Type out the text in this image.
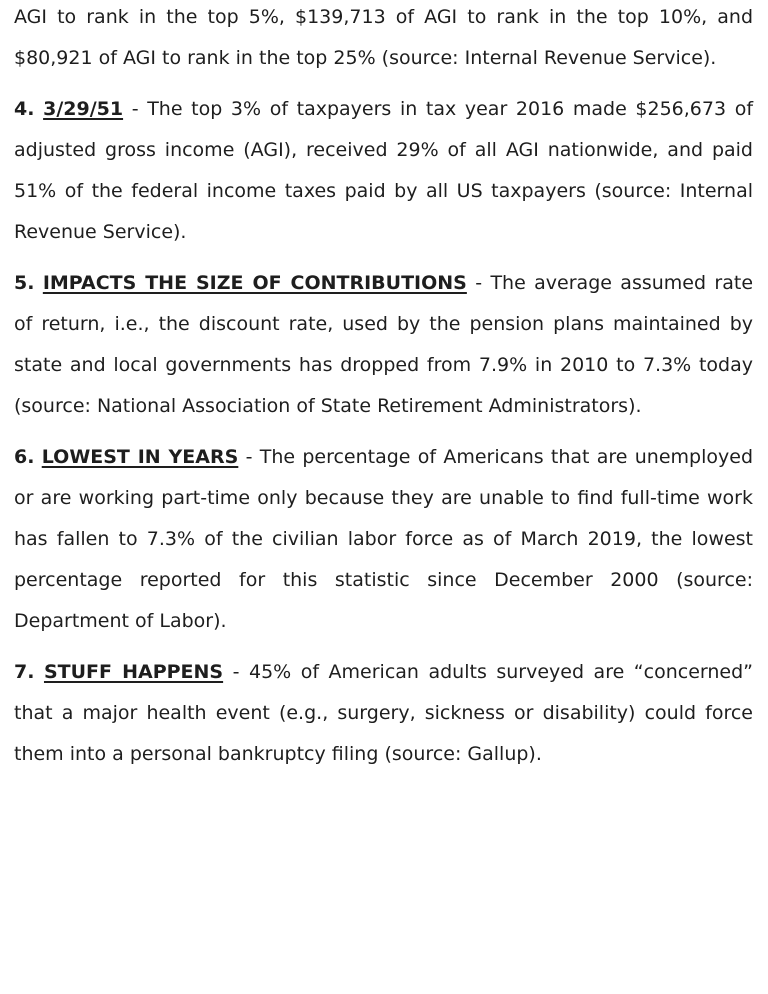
AGI to rank in the top 5%, $139,713 of AGI to rank in the top 10%, and $80,921 of AGI to rank in the top 25% (source: Internal Revenue Service).

4. 3/29/51 - The top 3% of taxpayers in tax year 2016 made $256,673 of adjusted gross income (AGI), received 29% of all AGI nationwide, and paid 51% of the federal income taxes paid by all US taxpayers (source: Internal Revenue Service).

5. IMPACTS THE SIZE OF CONTRIBUTIONS - The average assumed rate of return, i.e., the discount rate, used by the pension plans maintained by state and local governments has dropped from 7.9% in 2010 to 7.3% today (source: National Association of State Retirement Administrators).

6. LOWEST IN YEARS - The percentage of Americans that are unemployed or are working part-time only because they are unable to find full-time work has fallen to 7.3% of the civilian labor force as of March 2019, the lowest percentage reported for this statistic since December 2000 (source: Department of Labor).

7. STUFF HAPPENS - 45% of American adults surveyed are “concerned” that a major health event (e.g., surgery, sickness or disability) could force them into a personal bankruptcy filing (source: Gallup).
